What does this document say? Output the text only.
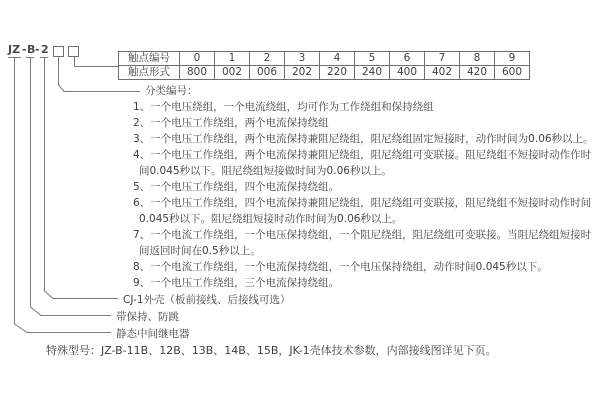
JZ - B - 2
触点编号	0	1	2	3	4	5	6	7	8	9
触点形式	800	002	006	202	220	240	400	402	420	600
分类编号：
1、一个电压绕组，一个电流绕组，均可作为工作绕组和保持绕组
2、一个电压工作绕组，两个电流保持绕组
3、一个电压工作绕组，两个电流保持兼阻尼绕组，阻尼绕组固定短接时，动作时间为0.06秒以上。
4、一个电压工作绕组，两个电流保持兼阻尼绕组，阻尼绕组可变联接。阻尼绕组不短接时动作作时
间0.045秒以下。阻尼绕组短接做时间为0.06秒以上。
5、一个电压工作绕组，四个电流保持绕组。
6、一个电压工作绕组，四个电流保持兼阻尼绕组，阻尼绕组可变联接，阻尼绕组不短接时动作时间
0.045秒以下。阻尼绕组短接时动作时间为0.06秒以上。
7、一个电流工作绕组，一个电压保持绕组，一个阻尼绕组，阻尼绕组可变联接。当阻尼绕组短接时
间返回时间在0.5秒以上。
8、一个电流工作绕组，一个电流保持绕组，一个电压保持绕组，动作时间0.045秒以下。
9、一个电压工作绕组，三个电流保持绕组。
CJ-1外壳（板前接线、后接线可选）
带保持、防跳
静态中间继电器
特殊型号：JZ-B-11B、12B、13B、14B、15B，JK-1壳体技术参数，内部接线图详见下页。
